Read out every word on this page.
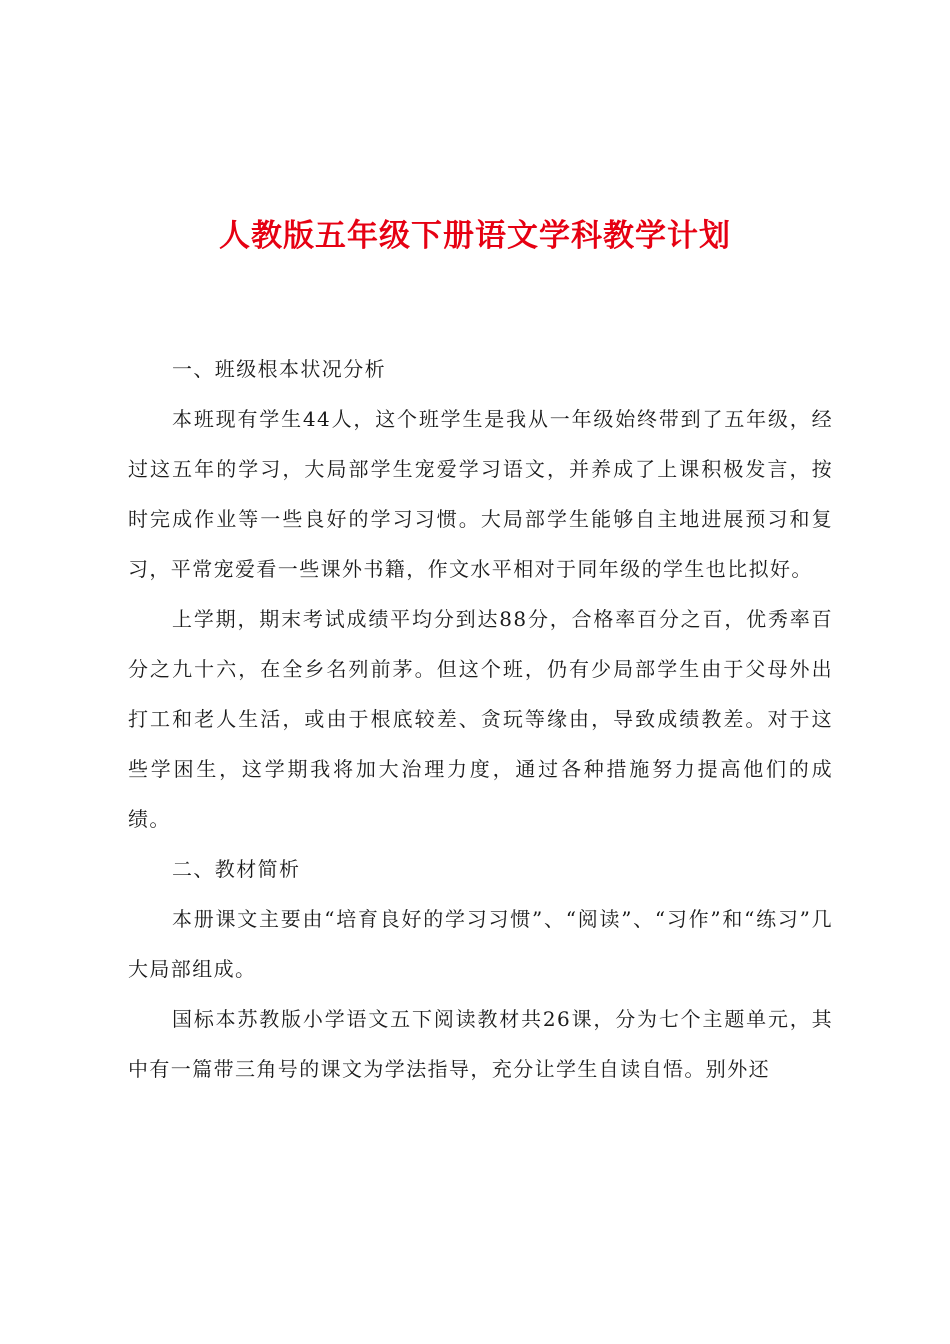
人教版五年级下册语文学科教学计划

一、班级根本状况分析

本班现有学生44人，这个班学生是我从一年级始终带到了五年级，经过这五年的学习，大局部学生宠爱学习语文，并养成了上课积极发言，按时完成作业等一些良好的学习习惯。大局部学生能够自主地进展预习和复习，平常宠爱看一些课外书籍，作文水平相对于同年级的学生也比拟好。

上学期，期末考试成绩平均分到达88分，合格率百分之百，优秀率百分之九十六，在全乡名列前茅。但这个班，仍有少局部学生由于父母外出打工和老人生活，或由于根底较差、贪玩等缘由，导致成绩教差。对于这些学困生，这学期我将加大治理力度，通过各种措施努力提高他们的成绩。

二、教材简析

本册课文主要由“培育良好的学习习惯”、“阅读”、“习作”和“练习”几大局部组成。

国标本苏教版小学语文五下阅读教材共26课，分为七个主题单元，其中有一篇带三角号的课文为学法指导，充分让学生自读自悟。别外还
